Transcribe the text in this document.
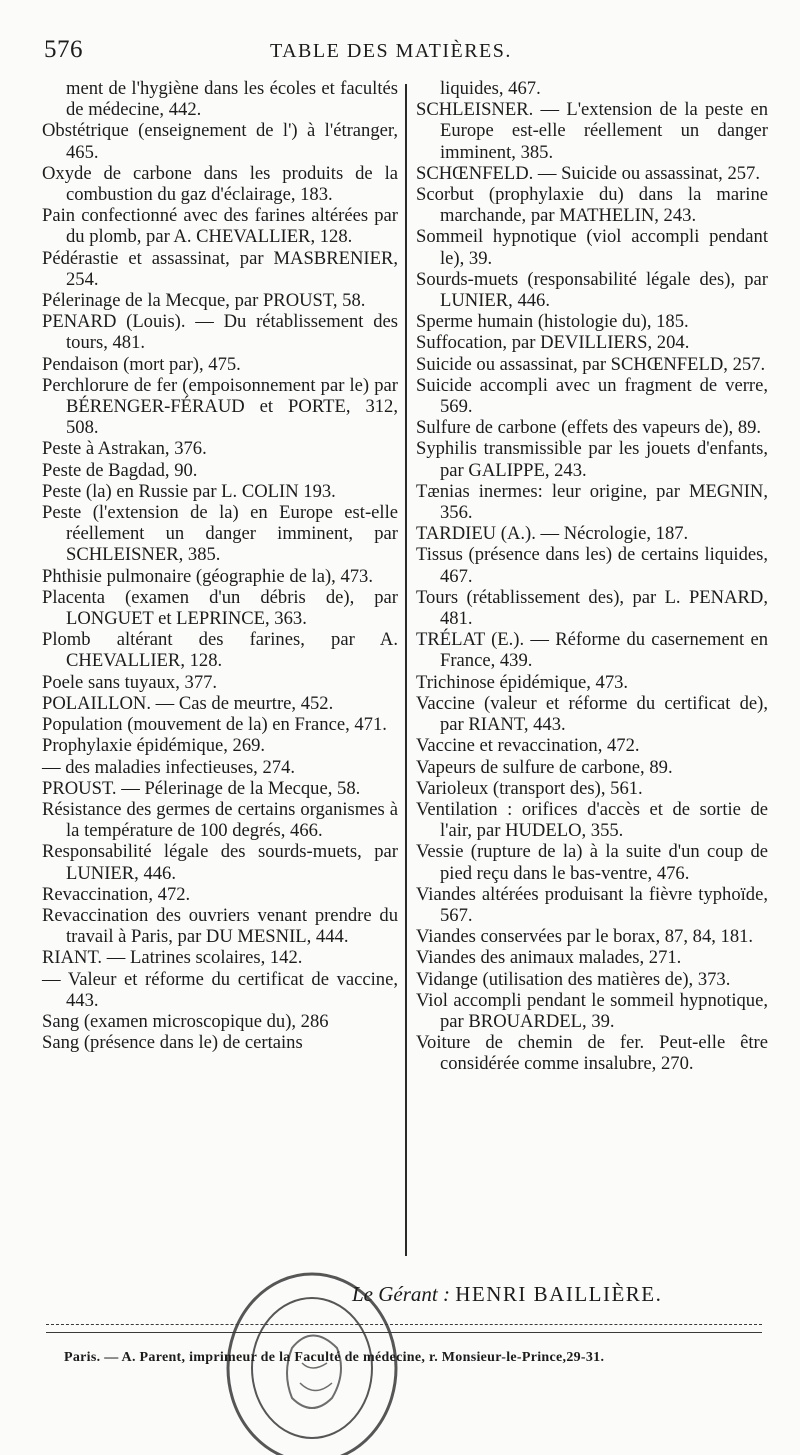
576	TABLE DES MATIÈRES.

ment de l'hygiène dans les écoles et facultés de médecine, 442.

Obstétrique (enseignement de l') à l'étranger, 465.

Oxyde de carbone dans les produits de la combustion du gaz d'éclairage, 183.

Pain confectionné avec des farines altérées par du plomb, par A. CHEVALLIER, 128.

Pédérastie et assassinat, par MASBRENIER, 254.

Pélerinage de la Mecque, par PROUST, 58.

PENARD (Louis). — Du rétablissement des tours, 481.

Pendaison (mort par), 475.

Perchlorure de fer (empoisonnement par le) par BÉRENGER-FÉRAUD et PORTE, 312, 508.

Peste à Astrakan, 376.

Peste de Bagdad, 90.

Peste (la) en Russie par L. COLIN 193.

Peste (l'extension de la) en Europe est-elle réellement un danger imminent, par SCHLEISNER, 385.

Phthisie pulmonaire (géographie de la), 473.

Placenta (examen d'un débris de), par LONGUET et LEPRINCE, 363.

Plomb altérant des farines, par A. CHEVALLIER, 128.

Poele sans tuyaux, 377.

POLAILLON. — Cas de meurtre, 452.

Population (mouvement de la) en France, 471.

Prophylaxie épidémique, 269.

— des maladies infectieuses, 274.

PROUST. — Pélerinage de la Mecque, 58.

Résistance des germes de certains organismes à la température de 100 degrés, 466.

Responsabilité légale des sourds-muets, par LUNIER, 446.

Revaccination, 472.

Revaccination des ouvriers venant prendre du travail à Paris, par DU MESNIL, 444.

RIANT. — Latrines scolaires, 142.

— Valeur et réforme du certificat de vaccine, 443.

Sang (examen microscopique du), 286

Sang (présence dans le) de certains

liquides, 467.

SCHLEISNER. — L'extension de la peste en Europe est-elle réellement un danger imminent, 385.

SCHŒNFELD. — Suicide ou assassinat, 257.

Scorbut (prophylaxie du) dans la marine marchande, par MATHELIN, 243.

Sommeil hypnotique (viol accompli pendant le), 39.

Sourds-muets (responsabilité légale des), par LUNIER, 446.

Sperme humain (histologie du), 185.

Suffocation, par DEVILLIERS, 204.

Suicide ou assassinat, par SCHŒNFELD, 257.

Suicide accompli avec un fragment de verre, 569.

Sulfure de carbone (effets des vapeurs de), 89.

Syphilis transmissible par les jouets d'enfants, par GALIPPE, 243.

Tænias inermes: leur origine, par MEGNIN, 356.

TARDIEU (A.). — Nécrologie, 187.

Tissus (présence dans les) de certains liquides, 467.

Tours (rétablissement des), par L. PENARD, 481.

TRÉLAT (E.). — Réforme du casernement en France, 439.

Trichinose épidémique, 473.

Vaccine (valeur et réforme du certificat de), par RIANT, 443.

Vaccine et revaccination, 472.

Vapeurs de sulfure de carbone, 89.

Varioleux (transport des), 561.

Ventilation : orifices d'accès et de sortie de l'air, par HUDELO, 355.

Vessie (rupture de la) à la suite d'un coup de pied reçu dans le bas-ventre, 476.

Viandes altérées produisant la fièvre typhoïde, 567.

Viandes conservées par le borax, 87, 84, 181.

Viandes des animaux malades, 271.

Vidange (utilisation des matières de), 373.

Viol accompli pendant le sommeil hypnotique, par BROUARDEL, 39.

Voiture de chemin de fer. Peut-elle être considérée comme insalubre, 270.

Le Gérant : HENRI BAILLIÈRE.
Paris. — A. Parent, imprimeur de la Faculté de médecine, r. Monsieur-le-Prince,29-31.
